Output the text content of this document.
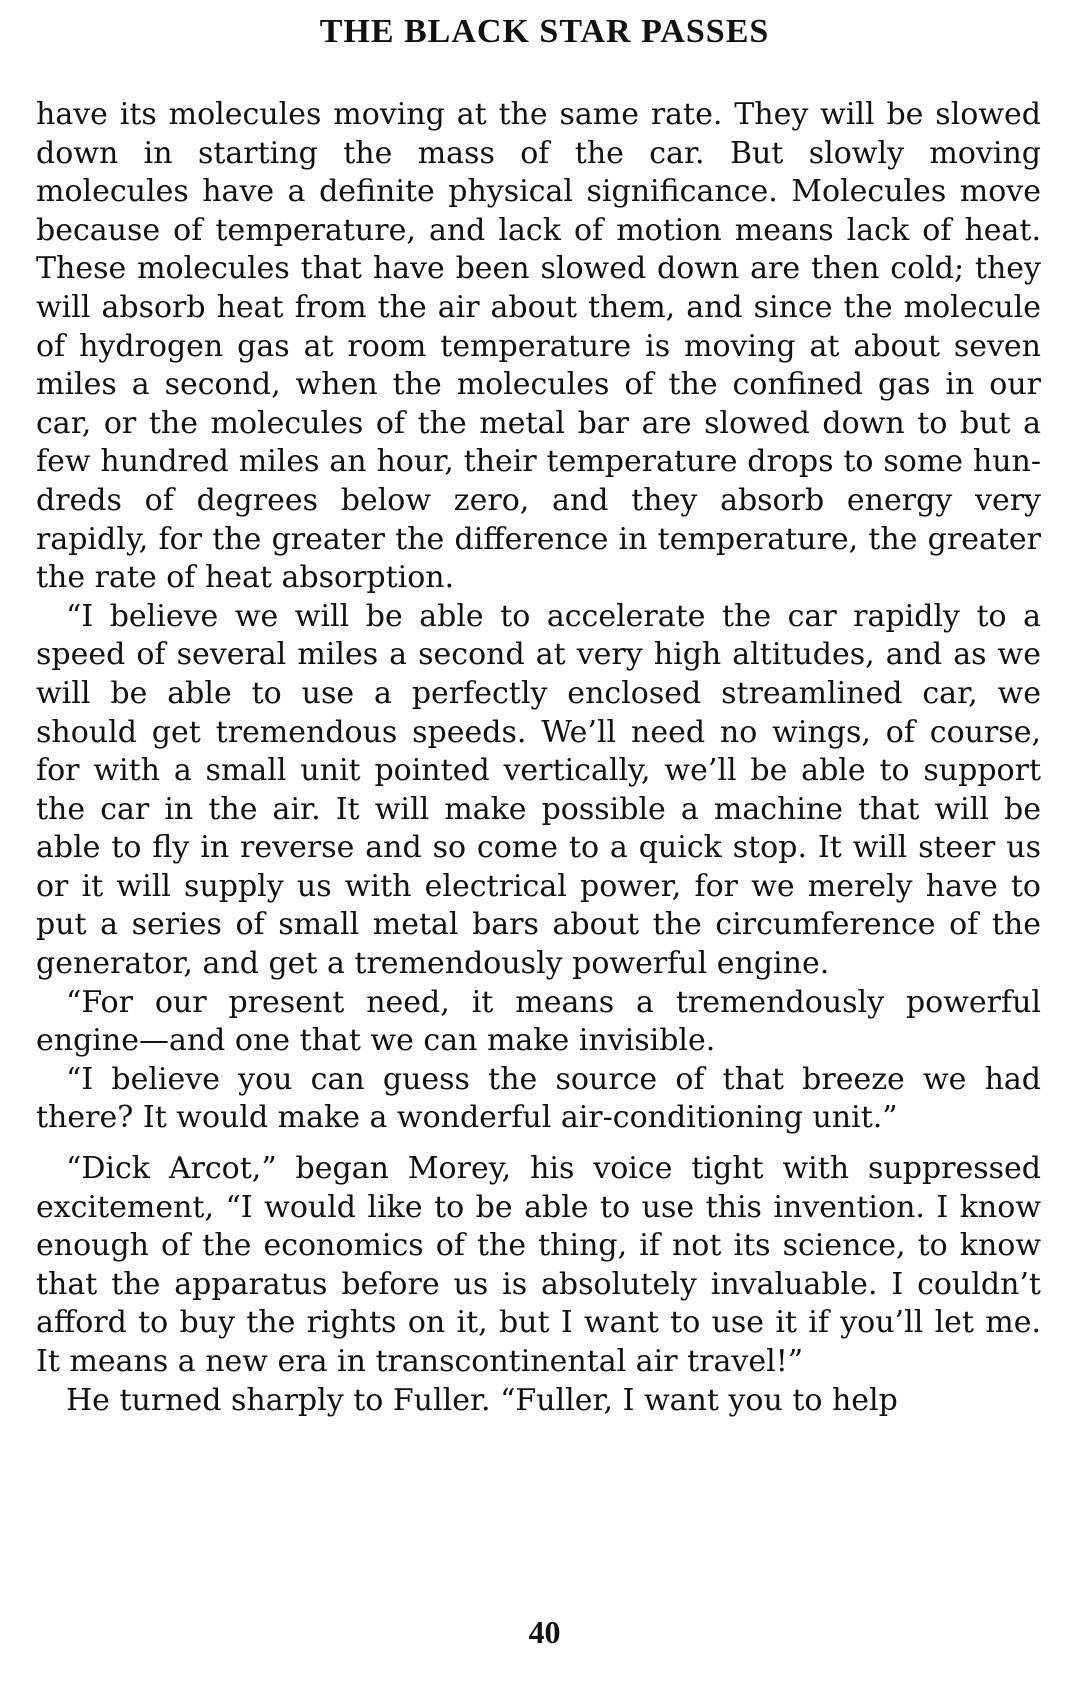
THE BLACK STAR PASSES

have its molecules moving at the same rate. They will be slowed down in starting the mass of the car. But slowly moving molecules have a definite physical significance. Molecules move because of temperature, and lack of motion means lack of heat. These molecules that have been slowed down are then cold; they will absorb heat from the air about them, and since the molecule of hydrogen gas at room temperature is moving at about seven miles a second, when the molecules of the confined gas in our car, or the molecules of the metal bar are slowed down to but a few hundred miles an hour, their temperature drops to some hundreds of degrees below zero, and they absorb energy very rapidly, for the greater the difference in temperature, the greater the rate of heat absorption.

“I believe we will be able to accelerate the car rapidly to a speed of several miles a second at very high altitudes, and as we will be able to use a perfectly enclosed streamlined car, we should get tremendous speeds. We’ll need no wings, of course, for with a small unit pointed vertically, we’ll be able to support the car in the air. It will make possible a machine that will be able to fly in reverse and so come to a quick stop. It will steer us or it will supply us with electrical power, for we merely have to put a series of small metal bars about the circumference of the generator, and get a tremendously powerful engine.

“For our present need, it means a tremendously powerful engine—and one that we can make invisible.

“I believe you can guess the source of that breeze we had there? It would make a wonderful air-conditioning unit.”

“Dick Arcot,” began Morey, his voice tight with suppressed excitement, “I would like to be able to use this invention. I know enough of the economics of the thing, if not its science, to know that the apparatus before us is absolutely invaluable. I couldn’t afford to buy the rights on it, but I want to use it if you’ll let me. It means a new era in transcontinental air travel!”

He turned sharply to Fuller. “Fuller, I want you to help

40
